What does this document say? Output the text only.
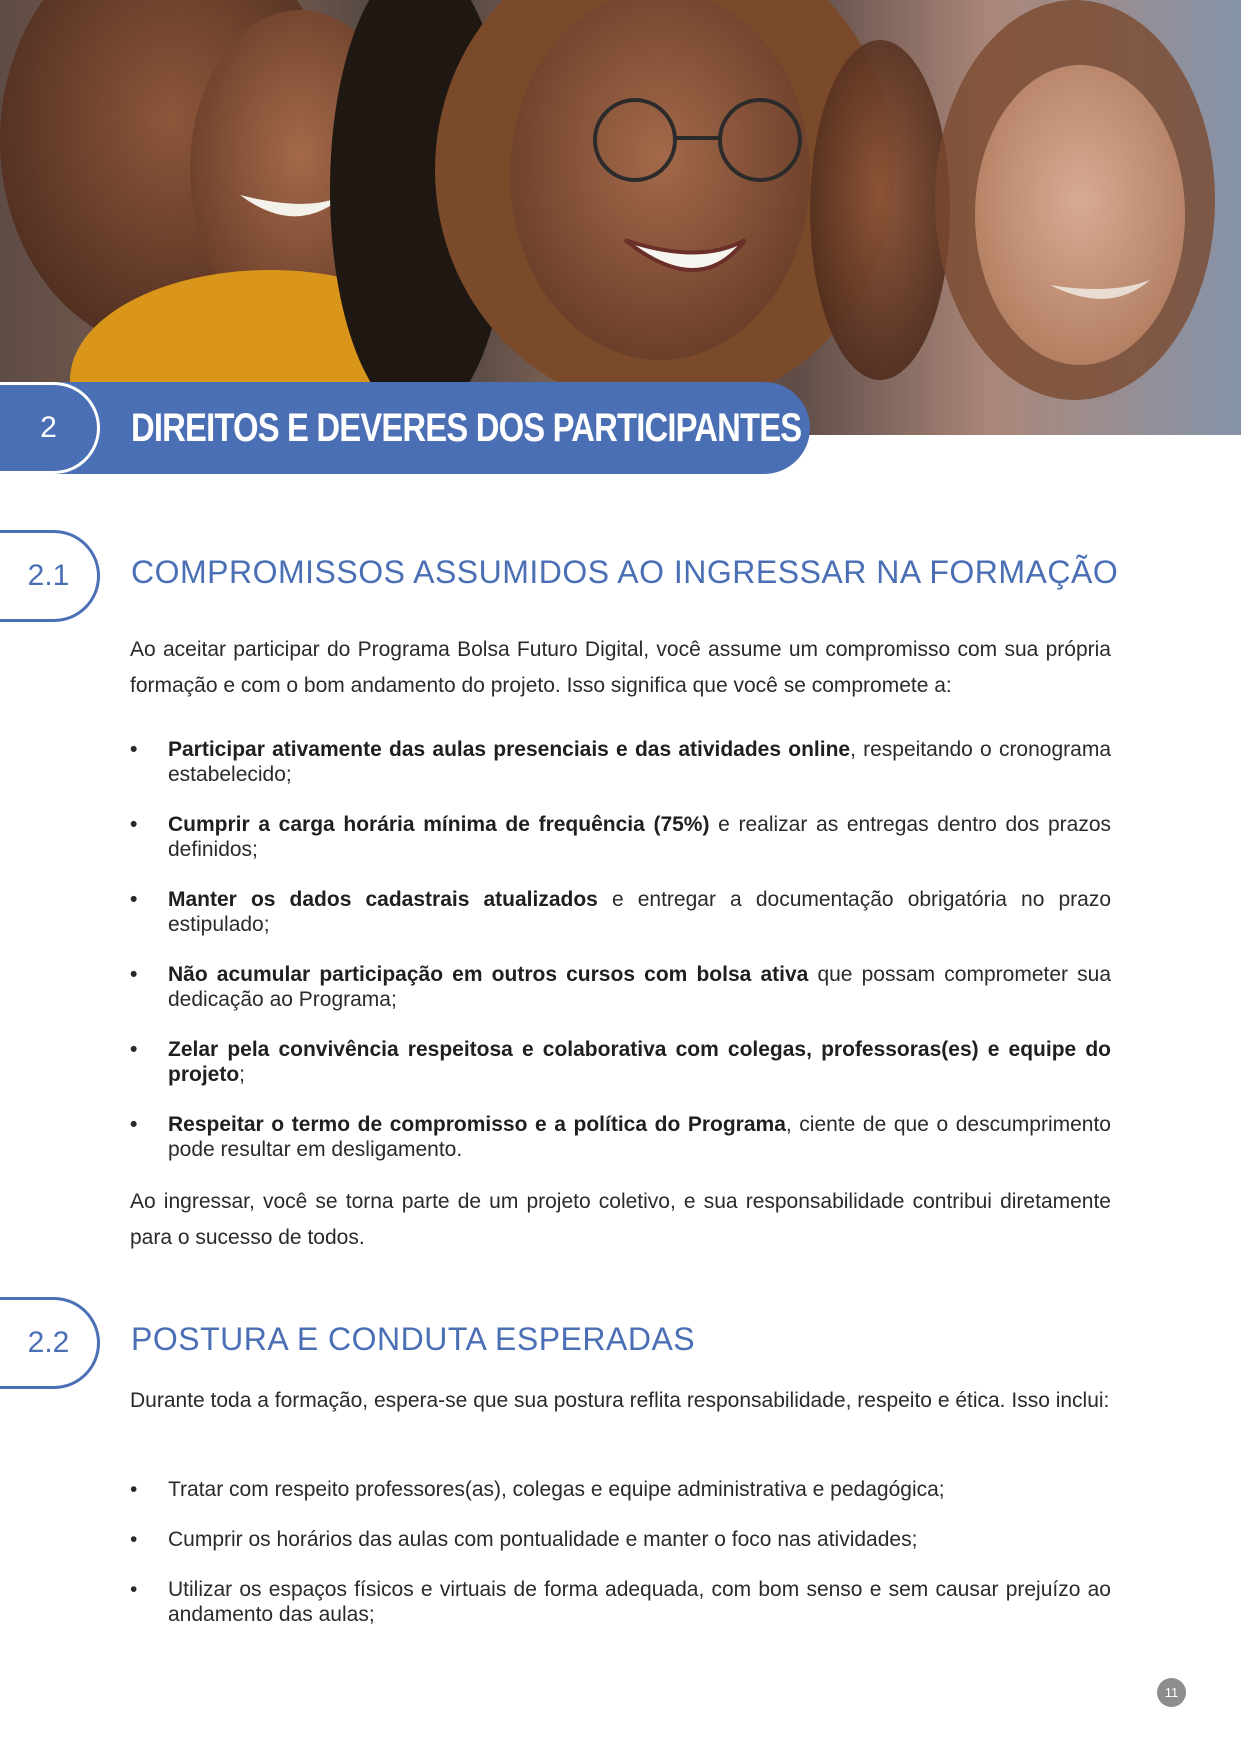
2 DIREITOS E DEVERES DOS PARTICIPANTES
2.1 COMPROMISSOS ASSUMIDOS AO INGRESSAR NA FORMAÇÃO
Ao aceitar participar do Programa Bolsa Futuro Digital, você assume um compromisso com sua própria formação e com o bom andamento do projeto. Isso significa que você se compromete a:
• Participar ativamente das aulas presenciais e das atividades online, respeitando o cronograma estabelecido;
• Cumprir a carga horária mínima de frequência (75%) e realizar as entregas dentro dos prazos definidos;
• Manter os dados cadastrais atualizados e entregar a documentação obrigatória no prazo estipulado;
• Não acumular participação em outros cursos com bolsa ativa que possam comprometer sua dedicação ao Programa;
• Zelar pela convivência respeitosa e colaborativa com colegas, professoras(es) e equipe do projeto;
• Respeitar o termo de compromisso e a política do Programa, ciente de que o descumprimento pode resultar em desligamento.
Ao ingressar, você se torna parte de um projeto coletivo, e sua responsabilidade contribui diretamente para o sucesso de todos.
2.2 POSTURA E CONDUTA ESPERADAS
Durante toda a formação, espera-se que sua postura reflita responsabilidade, respeito e ética. Isso inclui:
• Tratar com respeito professores(as), colegas e equipe administrativa e pedagógica;
• Cumprir os horários das aulas com pontualidade e manter o foco nas atividades;
• Utilizar os espaços físicos e virtuais de forma adequada, com bom senso e sem causar prejuízo ao andamento das aulas;
11
